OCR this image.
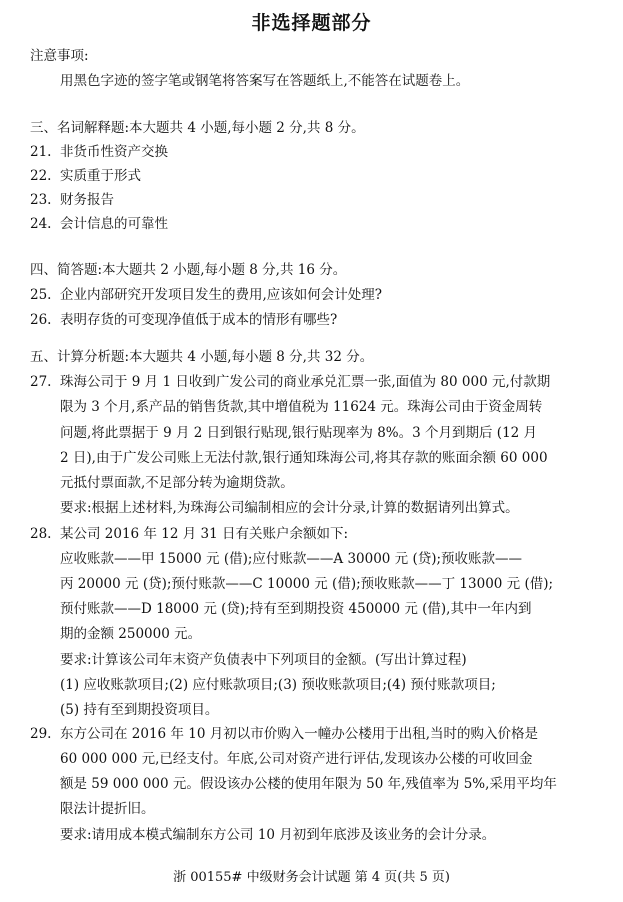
非选择题部分
注意事项:
用黑色字迹的签字笔或钢笔将答案写在答题纸上,不能答在试题卷上。
三、名词解释题:本大题共 4 小题,每小题 2 分,共 8 分。
21. 非货币性资产交换
22. 实质重于形式
23. 财务报告
24. 会计信息的可靠性
四、简答题:本大题共 2 小题,每小题 8 分,共 16 分。
25. 企业内部研究开发项目发生的费用,应该如何会计处理?
26. 表明存货的可变现净值低于成本的情形有哪些?
五、计算分析题:本大题共 4 小题,每小题 8 分,共 32 分。
27. 珠海公司于 9 月 1 日收到广发公司的商业承兑汇票一张,面值为 80 000 元,付款期
限为 3 个月,系产品的销售货款,其中增值税为 11624 元。珠海公司由于资金周转
问题,将此票据于 9 月 2 日到银行贴现,银行贴现率为 8%。3 个月到期后 (12 月
2 日),由于广发公司账上无法付款,银行通知珠海公司,将其存款的账面余额 60 000
元抵付票面款,不足部分转为逾期贷款。
要求:根据上述材料,为珠海公司编制相应的会计分录,计算的数据请列出算式。
28. 某公司 2016 年 12 月 31 日有关账户余额如下:
应收账款——甲 15000 元 (借);应付账款——A 30000 元 (贷);预收账款——
丙 20000 元 (贷);预付账款——C 10000 元 (借);预收账款——丁 13000 元 (借);
预付账款——D 18000 元 (贷);持有至到期投资 450000 元 (借),其中一年内到
期的金额 250000 元。
要求:计算该公司年末资产负债表中下列项目的金额。(写出计算过程)
(1) 应收账款项目;(2) 应付账款项目;(3) 预收账款项目;(4) 预付账款项目;
(5) 持有至到期投资项目。
29. 东方公司在 2016 年 10 月初以市价购入一幢办公楼用于出租,当时的购入价格是
60 000 000 元,已经支付。年底,公司对资产进行评估,发现该办公楼的可收回金
额是 59 000 000 元。假设该办公楼的使用年限为 50 年,残值率为 5%,采用平均年
限法计提折旧。
要求:请用成本模式编制东方公司 10 月初到年底涉及该业务的会计分录。
浙 00155# 中级财务会计试题 第 4 页(共 5 页)
